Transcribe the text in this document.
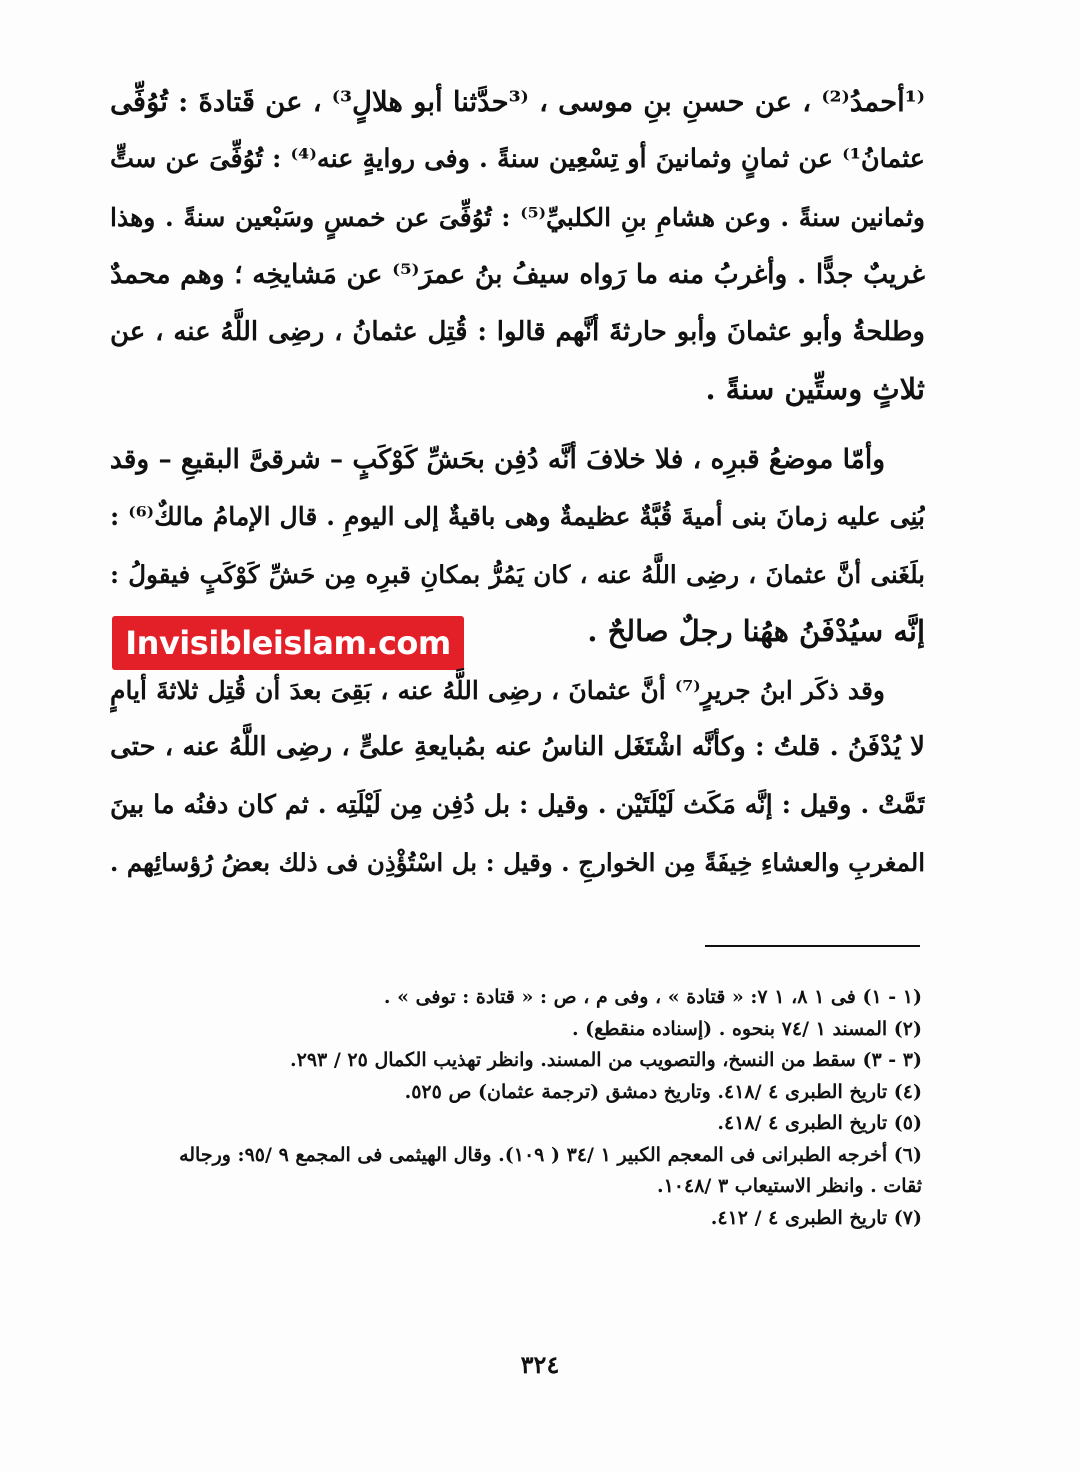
⁽¹أحمدُ⁽²⁾ ، عن حسنِ بنِ موسى ، ⁽³حدَّثنا أبو هلالٍ³⁾ ، عن قَتادةَ : تُوُفِّى
عثمانُ¹⁾ عن ثمانٍ وثمانينَ أو تِسْعِين سنةً . وفى روايةٍ عنه⁽⁴⁾ : تُوُفِّىَ عن ستٍّ
وثمانين سنةً . وعن هشامِ بنِ الكلبيِّ⁽⁵⁾ : تُوُفِّىَ عن خمسٍ وسَبْعين سنةً . وهذا
غريبٌ جدًّا . وأغربُ منه ما رَواه سيفُ بنُ عمرَ⁽⁵⁾ عن مَشايخِه ؛ وهم محمدٌ
وطلحةُ وأبو عثمانَ وأبو حارثةَ أنَّهم قالوا : قُتِل عثمانُ ، رضِى اللَّهُ عنه ، عن
ثلاثٍ وستِّين سنةً .
وأمّا موضعُ قبرِه ، فلا خلافَ أنَّه دُفِن بحَشِّ كَوْكَبٍ – شرقىَّ البقيعِ – وقد
بُنِى عليه زمانَ بنى أميةَ قُبَّةٌ عظيمةٌ وهى باقيةٌ إلى اليومِ . قال الإمامُ مالكٌ⁽⁶⁾ :
بلَغَنى أنَّ عثمانَ ، رضِى اللَّهُ عنه ، كان يَمُرُّ بمكانِ قبرِه مِن حَشِّ كَوْكَبٍ فيقولُ :
إنَّه سيُدْفَنُ ههُنا رجلٌ صالحٌ .
Invisibleislam.com
وقد ذكَر ابنُ جريرٍ⁽⁷⁾ أنَّ عثمانَ ، رضِى اللَّهُ عنه ، بَقِىَ بعدَ أن قُتِل ثلاثةَ أيامٍ
لا يُدْفَنُ . قلتُ : وكأنَّه اشْتَغَل الناسُ عنه بمُبايعةِ علىٍّ ، رضِى اللَّهُ عنه ، حتى
تَمَّتْ . وقيل : إنَّه مَكَث لَيْلَتَيْن . وقيل : بل دُفِن مِن لَيْلَتِه . ثم كان دفنُه ما بينَ
المغربِ والعشاءِ خِيفَةً مِن الخوارجِ . وقيل : بل اسْتُؤْذِن فى ذلك بعضُ رُؤسائِهم .
(١ - ١) فى ١ ٨، ١ ٧: « قتادة » ، وفى م ، ص : « قتادة : توفى » .
(٢) المسند ١ /٧٤ بنحوه . (إسناده منقطع) .
(٣ - ٣) سقط من النسخ، والتصويب من المسند. وانظر تهذيب الكمال ٢٥ / ٢٩٣.
(٤) تاريخ الطبرى ٤ /٤١٨. وتاريخ دمشق (ترجمة عثمان) ص ٥٢٥.
(٥) تاريخ الطبرى ٤ /٤١٨.
(٦) أخرجه الطبرانى فى المعجم الكبير ١ /٣٤ ( ١٠٩). وقال الهيثمى فى المجمع ٩ /٩٥: ورجاله
ثقات . وانظر الاستيعاب ٣ /١٠٤٨.
(٧) تاريخ الطبرى ٤ / ٤١٢.
٣٢٤
